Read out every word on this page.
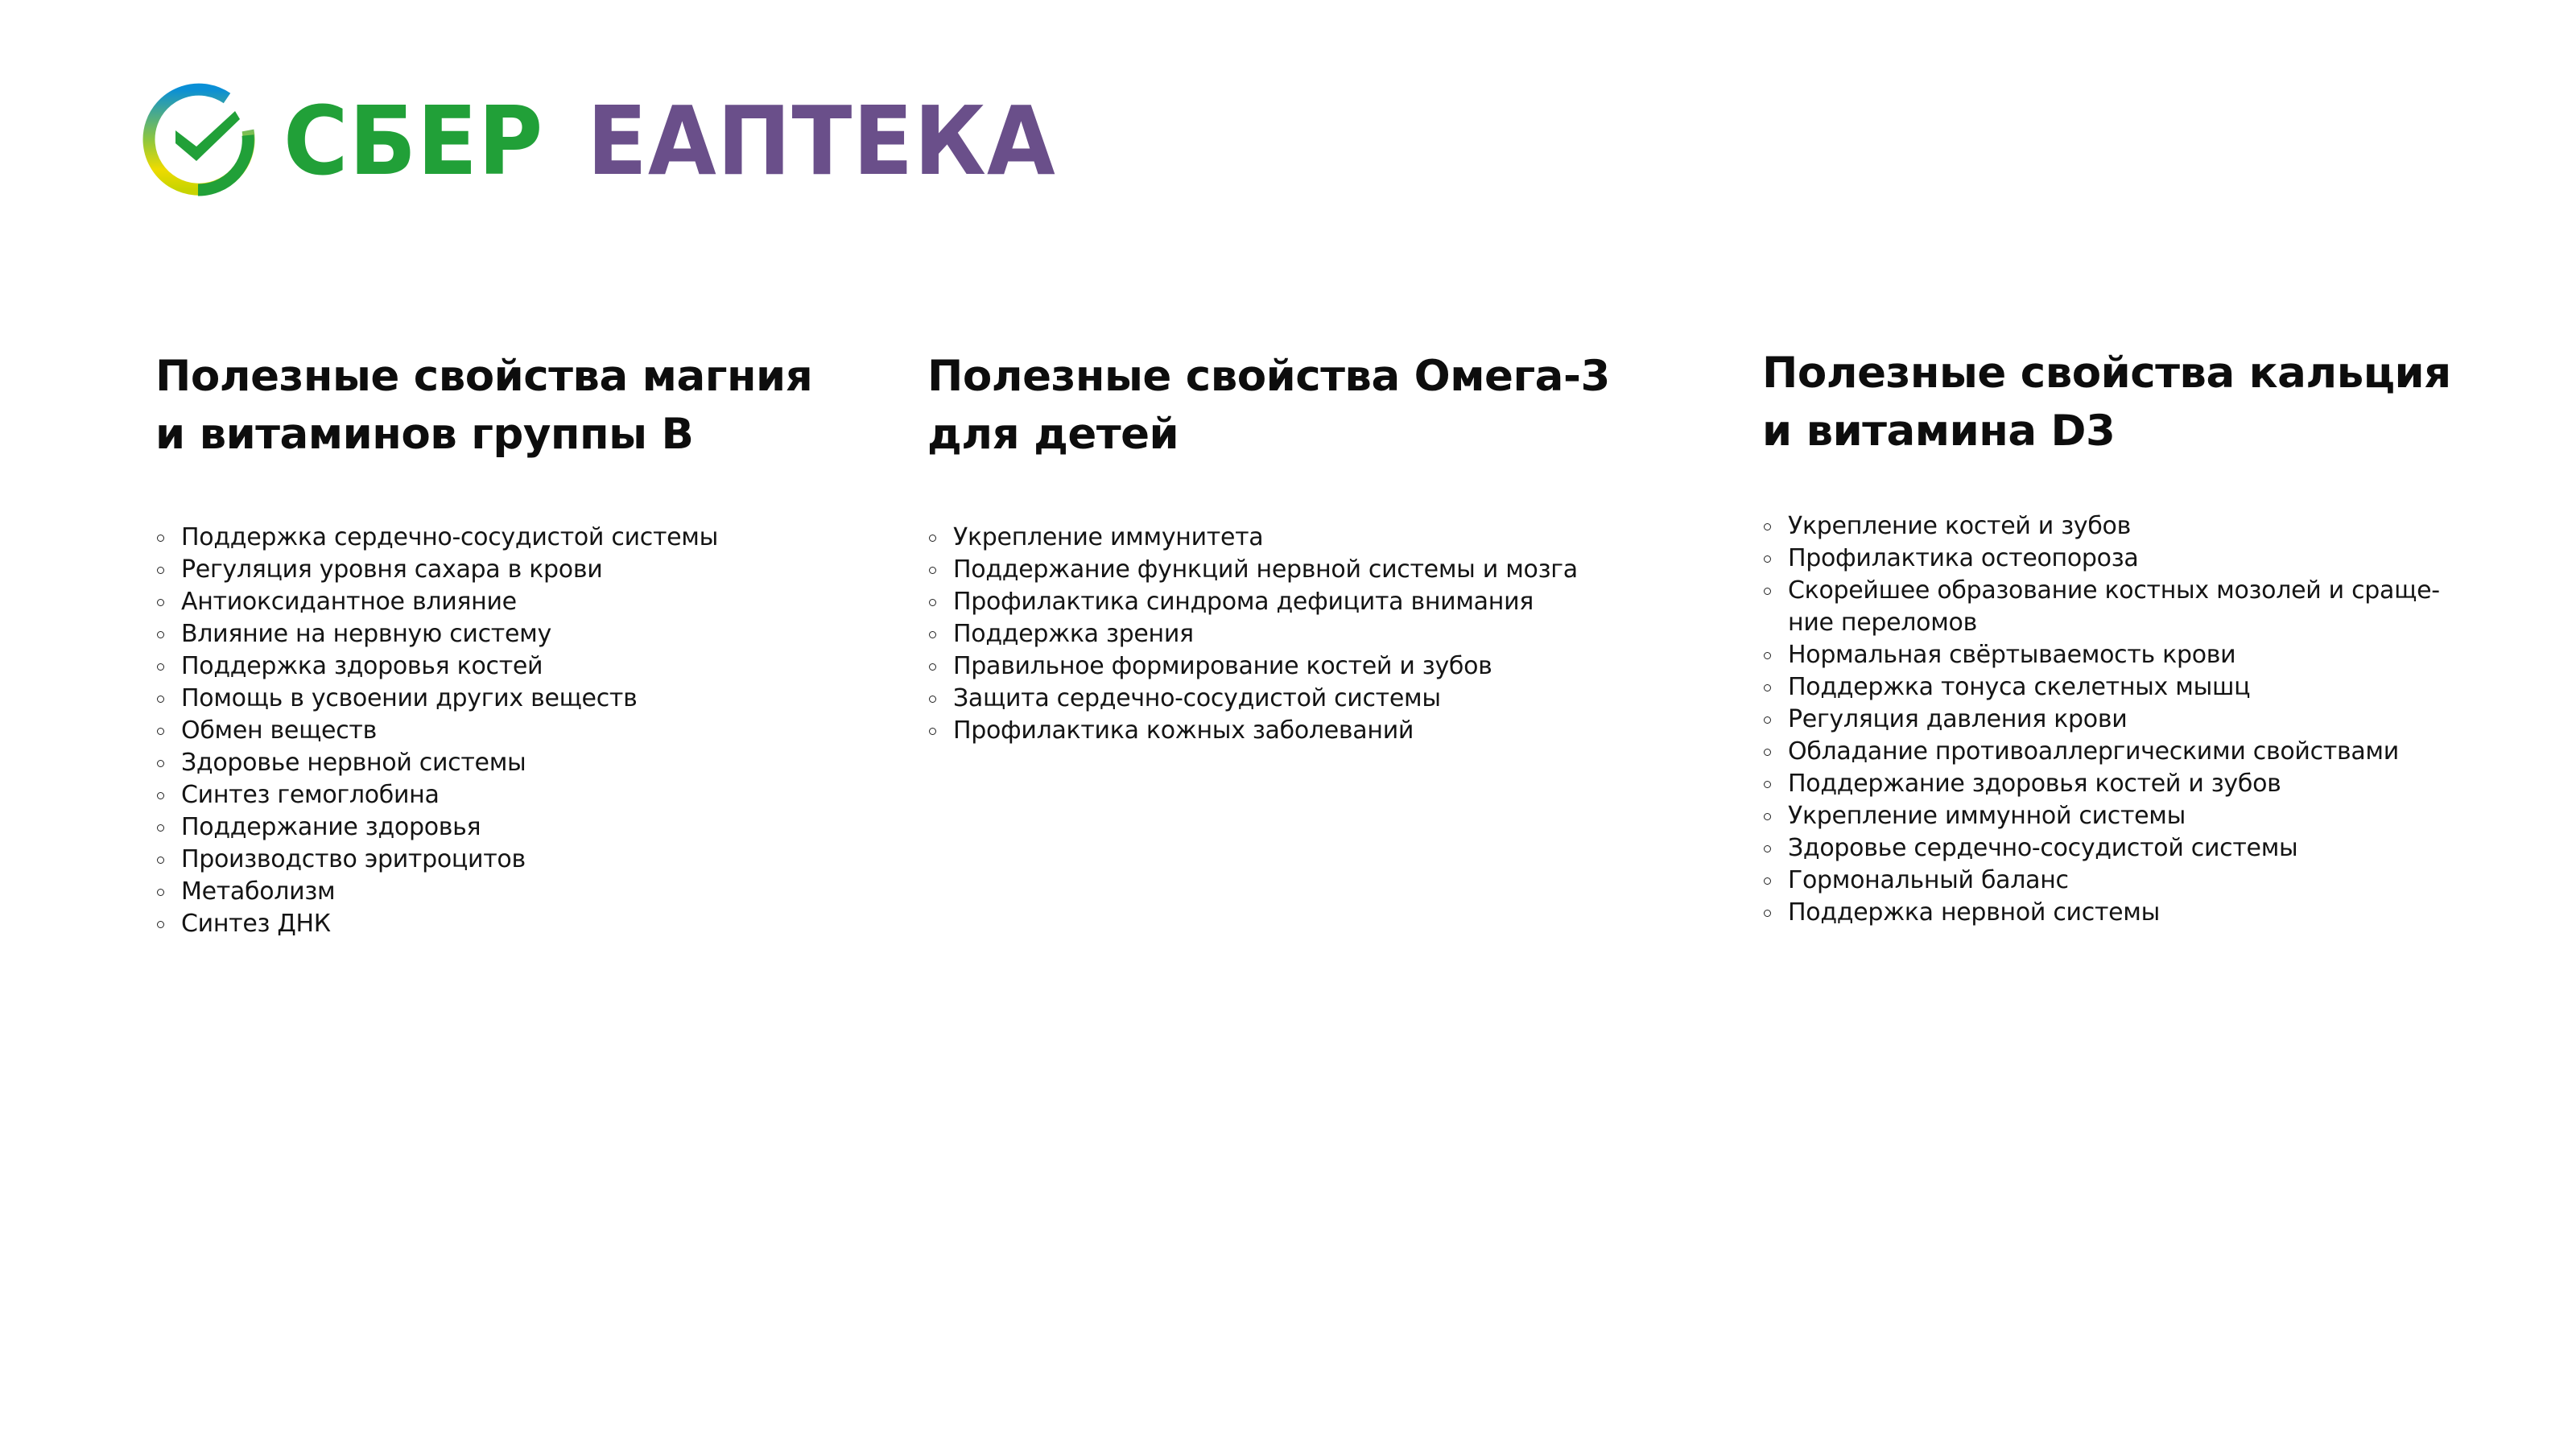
СБЕР ЕАПТЕКА
Полезные свойства магния
и витаминов группы B
Поддержка сердечно-сосудистой системы
Регуляция уровня сахара в крови
Антиоксидантное влияние
Влияние на нервную систему
Поддержка здоровья костей
Помощь в усвоении других веществ
Обмен веществ
Здоровье нервной системы
Синтез гемоглобина
Поддержание здоровья
Производство эритроцитов
Метаболизм
Синтез ДНК
Полезные свойства Омега-3
для детей
Укрепление иммунитета
Поддержание функций нервной системы и мозга
Профилактика синдрома дефицита внимания
Поддержка зрения
Правильное формирование костей и зубов
Защита сердечно-сосудистой системы
Профилактика кожных заболеваний
Полезные свойства кальция
и витамина D3
Укрепление костей и зубов
Профилактика остеопороза
Скорейшее образование костных мозолей и сраще-
ние переломов
Нормальная свёртываемость крови
Поддержка тонуса скелетных мышц
Регуляция давления крови
Обладание противоаллергическими свойствами
Поддержание здоровья костей и зубов
Укрепление иммунной системы
Здоровье сердечно-сосудистой системы
Гормональный баланс
Поддержка нервной системы
